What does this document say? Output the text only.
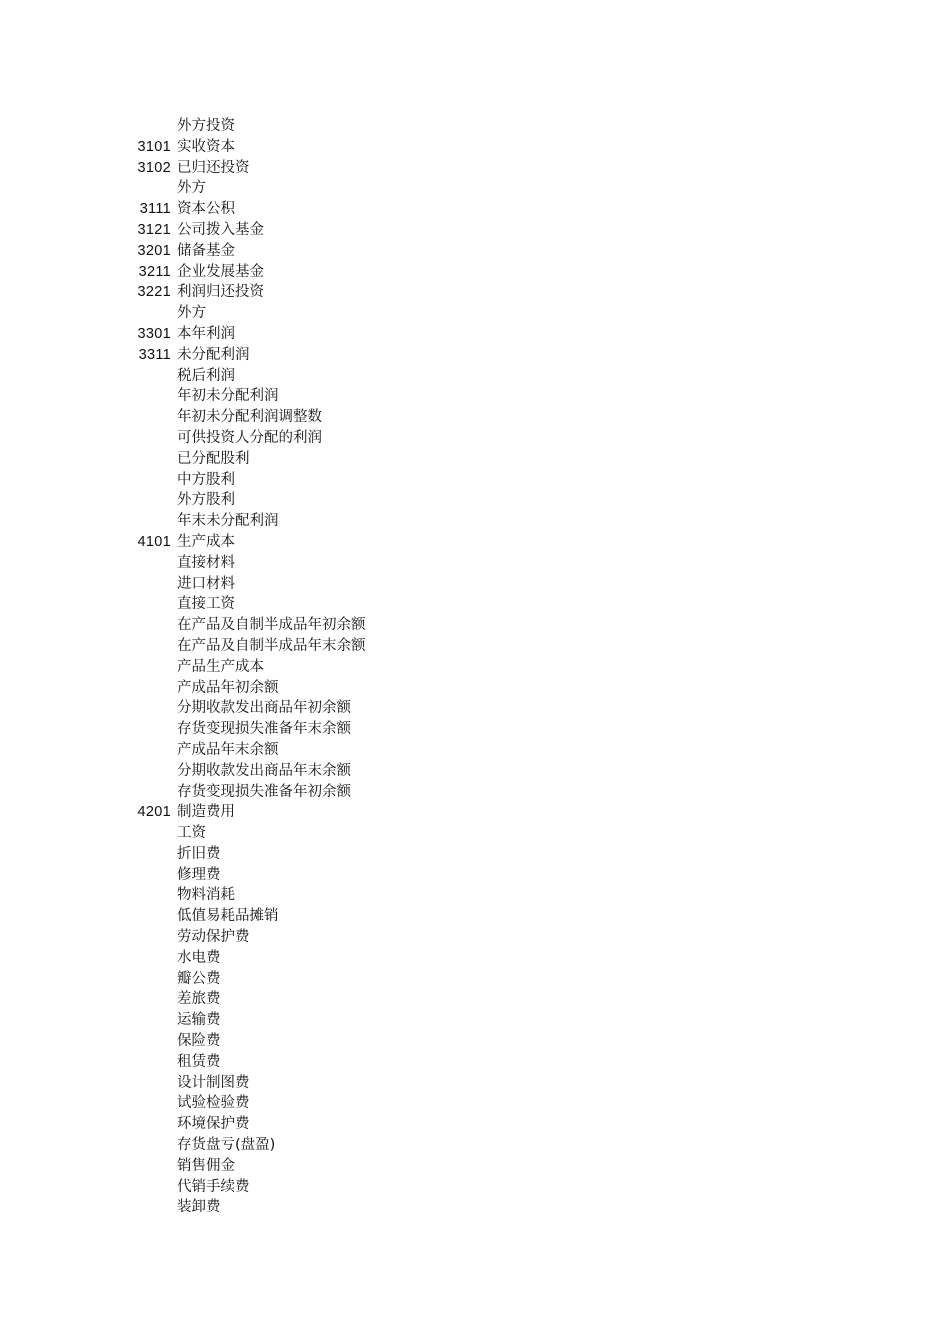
外方投资
3101 实收资本
3102 已归还投资
外方
3111 资本公积
3121 公司拨入基金
3201 储备基金
3211 企业发展基金
3221 利润归还投资
外方
3301 本年利润
3311 未分配利润
税后利润
年初未分配利润
年初未分配利润调整数
可供投资人分配的利润
已分配股利
中方股利
外方股利
年末未分配利润
4101 生产成本
直接材料
进口材料
直接工资
在产品及自制半成品年初余额
在产品及自制半成品年末余额
产品生产成本
产成品年初余额
分期收款发出商品年初余额
存货变现损失准备年末余额
产成品年末余额
分期收款发出商品年末余额
存货变现损失准备年初余额
4201 制造费用
工资
折旧费
修理费
物料消耗
低值易耗品摊销
劳动保护费
水电费
瓣公费
差旅费
运输费
保险费
租赁费
设计制图费
试验检验费
环境保护费
存货盘亏(盘盈)
销售佣金
代销手续费
装卸费
